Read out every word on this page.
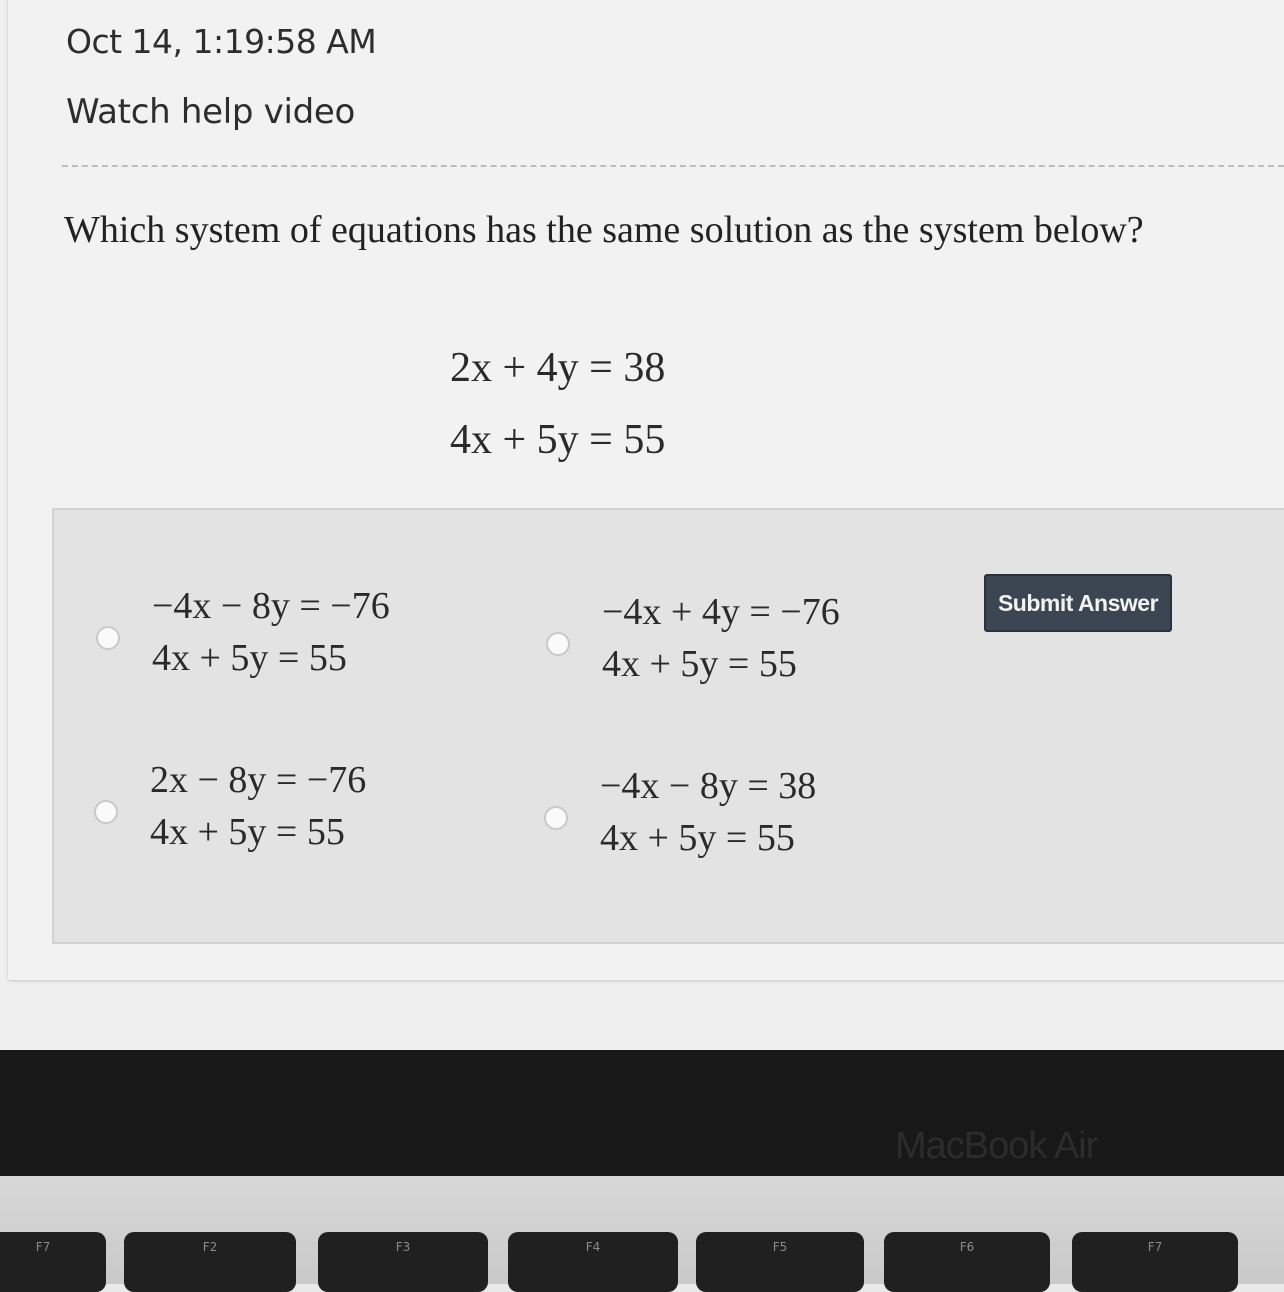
Oct 14, 1:19:58 AM
Watch help video
Which system of equations has the same solution as the system below?
2x + 4y = 38
4x + 5y = 55
−4x − 8y = −76
4x + 5y = 55
−4x + 4y = −76
4x + 5y = 55
2x − 8y = −76
4x + 5y = 55
−4x − 8y = 38
4x + 5y = 55
Submit Answer
MacBook Air
F7	F2	F3	F4	F5	F6	F7
